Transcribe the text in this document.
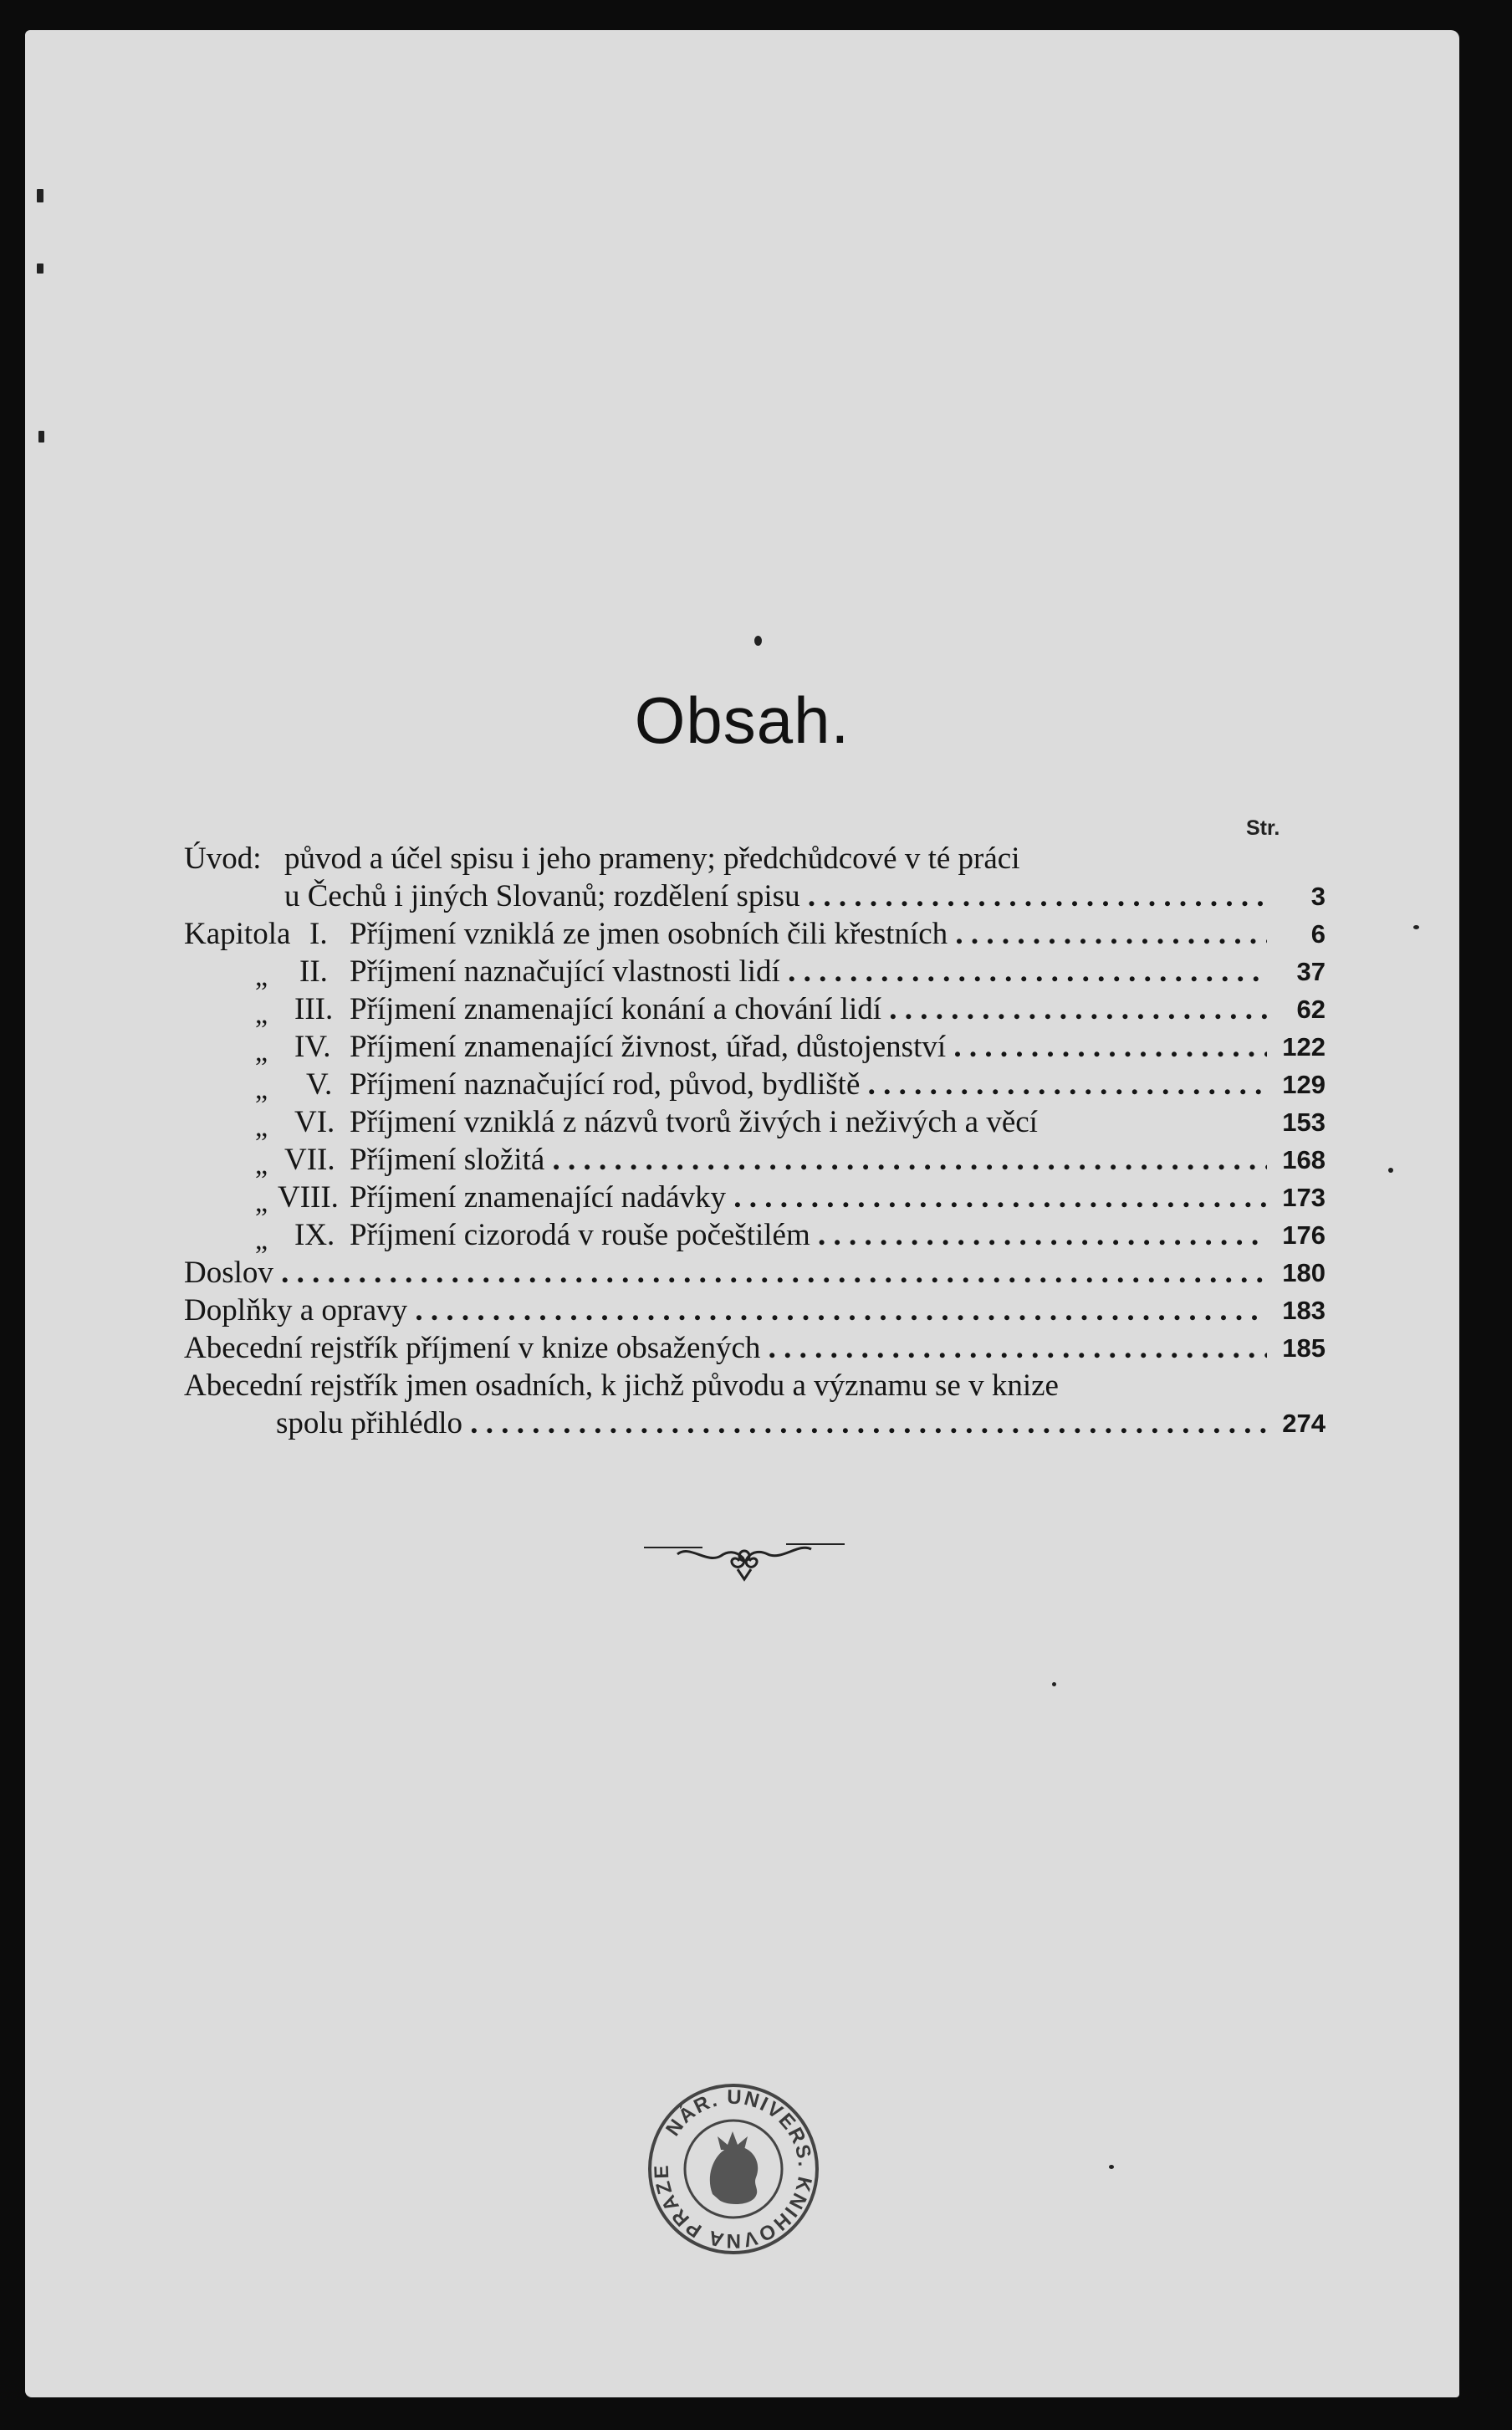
Obsah.
Str.
Úvod: původ a účel spisu i jeho prameny; předchůdcové v té práci
u Čechů i jiných Slovanů; rozdělení spisu . . .	3
Kapitola I. Příjmení vzniklá ze jmen osobních čili křestních . . .	6
„ II. Příjmení naznačující vlastnosti lidí . . .	37
„ III. Příjmení znamenající konání a chování lidí . . .	62
„ IV. Příjmení znamenající živnost, úřad, důstojenství . . .	122
„ V. Příjmení naznačující rod, původ, bydliště . . .	129
„ VI. Příjmení vzniklá z názvů tvorů živých i neživých a věcí	153
„ VII. Příjmení složitá . . .	168
„ VIII. Příjmení znamenající nadávky . . .	173
„ IX. Příjmení cizorodá v rouše počeštilém . . .	176
Doslov . . .	180
Doplňky a opravy . . .	183
Abecední rejstřík příjmení v knize obsažených . . .	185
Abecední rejstřík jmen osadních, k jichž původu a významu se v knize
spolu přihlédlo . . .	274
NÁR. UNIVERS. KNIHOVNA PRAZE
